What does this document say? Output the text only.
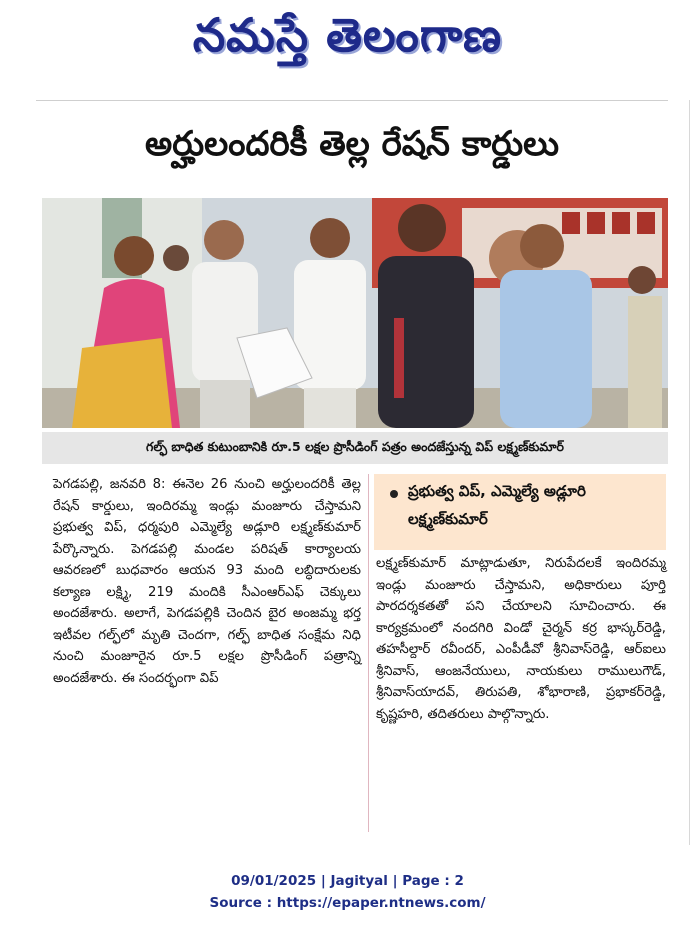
నమస్తే తెలంగాణ
అర్హులందరికీ తెల్ల రేషన్ కార్డులు
గల్ఫ్ బాధిత కుటుంబానికి రూ.5 లక్షల ప్రొసీడింగ్ పత్రం అందజేస్తున్న విప్ లక్ష్మణ్‌కుమార్

పెగడపల్లి, జనవరి 8: ఈనెల 26 నుంచి అర్హులందరికీ తెల్ల రేషన్ కార్డులు, ఇందిరమ్మ ఇండ్లు మంజూరు చేస్తామని ప్రభుత్వ విప్, ధర్మపురి ఎమ్మెల్యే అడ్లూరి లక్ష్మణ్‌కుమార్ పేర్కొన్నారు. పెగడపల్లి మండల పరిషత్ కార్యాలయ ఆవరణలో బుధవారం ఆయన 93 మంది లబ్ధిదారులకు కల్యాణ లక్ష్మి, 219 మందికి సీఎంఆర్‌ఎఫ్ చెక్కులు అందజేశారు. అలాగే, పెగడపల్లికి చెందిన బైర అంజమ్మ భర్త ఇటీవల గల్ఫ్‌లో మృతి చెందగా, గల్ఫ్ బాధిత సంక్షేమ నిధి నుంచి మంజూరైన రూ.5 లక్షల ప్రొసీడింగ్ పత్రాన్ని అందజేశారు. ఈ సందర్భంగా విప్

ప్రభుత్వ విప్, ఎమ్మెల్యే అడ్లూరి లక్ష్మణ్‌కుమార్

లక్ష్మణ్‌కుమార్ మాట్లాడుతూ, నిరుపేదలకే ఇందిరమ్మ ఇండ్లు మంజూరు చేస్తామని, అధికారులు పూర్తి పారదర్శకతతో పని చేయాలని సూచించారు. ఈ కార్యక్రమంలో నందగిరి విండో చైర్మన్ కర్ర భాస్కర్‌రెడ్డి, తహసీల్దార్ రవీందర్, ఎంపీడీవో శ్రీనివాస్‌రెడ్డి, ఆర్‌ఐలు శ్రీనివాస్, ఆంజనేయులు, నాయకులు రాములుగౌడ్, శ్రీనివాస్‌యాదవ్, తిరుపతి, శోభారాణి, ప్రభాకర్‌రెడ్డి, కృష్ణహరి, తదితరులు పాల్గొన్నారు.

09/01/2025 | Jagityal | Page : 2
Source : https://epaper.ntnews.com/
